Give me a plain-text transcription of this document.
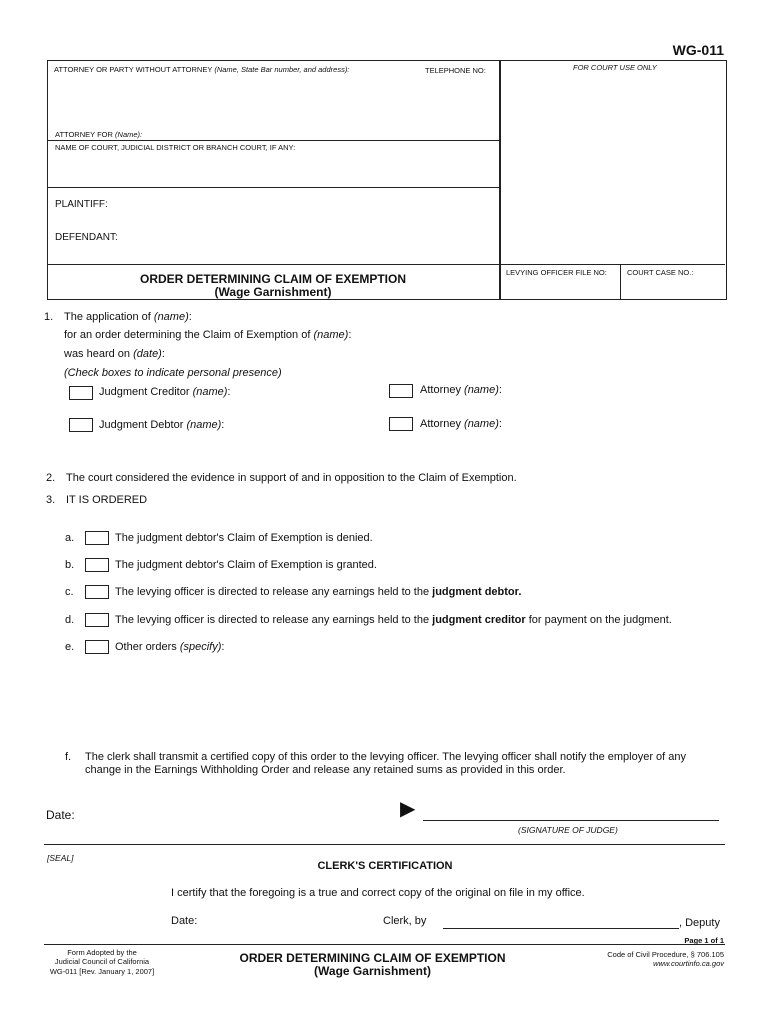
WG-011
ATTORNEY OR PARTY WITHOUT ATTORNEY (Name, State Bar number, and address):	TELEPHONE NO:	FOR COURT USE ONLY
ATTORNEY FOR (Name):
NAME OF COURT, JUDICIAL DISTRICT OR BRANCH COURT, IF ANY:
PLAINTIFF:
DEFENDANT:
ORDER DETERMINING CLAIM OF EXEMPTION
(Wage Garnishment)
LEVYING OFFICER FILE NO:	COURT CASE NO.:
1. The application of (name):
for an order determining the Claim of Exemption of (name):
was heard on (date):
(Check boxes to indicate personal presence)
Judgment Creditor (name):	Attorney (name):
Judgment Debtor (name):	Attorney (name):
2. The court considered the evidence in support of and in opposition to the Claim of Exemption.
3. IT IS ORDERED
a.	The judgment debtor's Claim of Exemption is denied.
b.	The judgment debtor's Claim of Exemption is granted.
c.	The levying officer is directed to release any earnings held to the judgment debtor.
d.	The levying officer is directed to release any earnings held to the judgment creditor for payment on the judgment.
e.	Other orders (specify):
f. The clerk shall transmit a certified copy of this order to the levying officer. The levying officer shall notify the employer of any
change in the Earnings Withholding Order and release any retained sums as provided in this order.
Date:	▶
(SIGNATURE OF JUDGE)
[SEAL]
CLERK'S CERTIFICATION
I certify that the foregoing is a true and correct copy of the original on file in my office.
Date:	Clerk, by	, Deputy
Page 1 of 1
Form Adopted by the
Judicial Council of California
WG-011 [Rev. January 1, 2007]
ORDER DETERMINING CLAIM OF EXEMPTION
(Wage Garnishment)
Code of Civil Procedure, § 706.105
www.courtinfo.ca.gov
